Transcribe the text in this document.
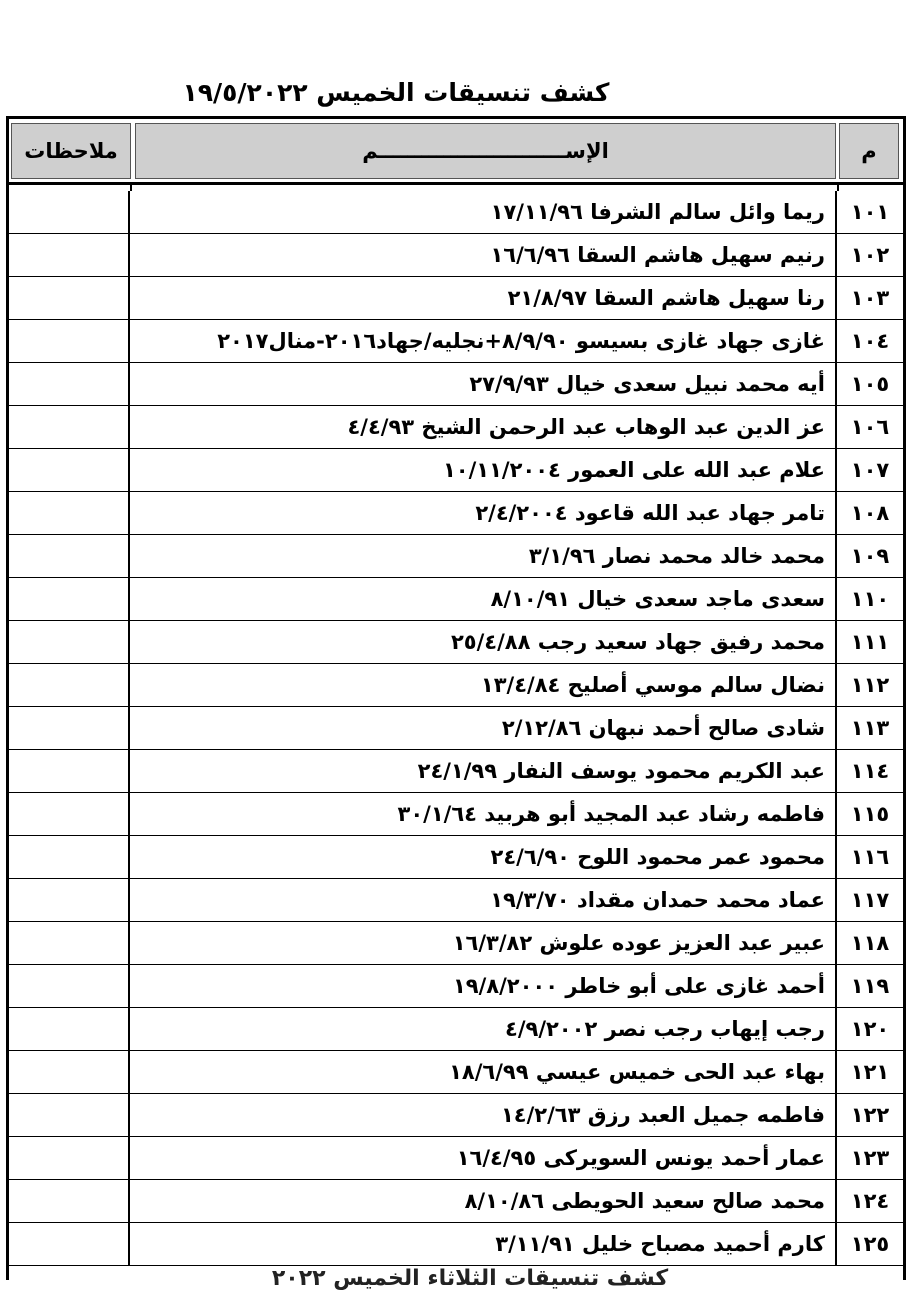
كشف تنسيقات الخميس ١٩/٥/٢٠٢٢
ملاحظات	الإســــــــــــــــــــــــــم	م
ريما وائل سالم الشرفا ١٧/١١/٩٦	١٠١
رنيم سهيل هاشم السقا ١٦/٦/٩٦	١٠٢
رنا سهيل هاشم السقا ٢١/٨/٩٧	١٠٣
غازى جهاد غازى بسيسو ٨/٩/٩٠+نجليه/جهاد٢٠١٦-منال٢٠١٧	١٠٤
أيه محمد نبيل سعدى خيال ٢٧/٩/٩٣	١٠٥
عز الدين عبد الوهاب عبد الرحمن الشيخ ٤/٤/٩٣	١٠٦
علام عبد الله على العمور ١٠/١١/٢٠٠٤	١٠٧
تامر جهاد عبد الله قاعود ٢/٤/٢٠٠٤	١٠٨
محمد خالد محمد نصار ٣/١/٩٦	١٠٩
سعدى ماجد سعدى خيال ٨/١٠/٩١	١١٠
محمد رفيق جهاد سعيد رجب ٢٥/٤/٨٨	١١١
نضال سالم موسي أصليح ١٣/٤/٨٤	١١٢
شادى صالح أحمد نبهان ٢/١٢/٨٦	١١٣
عبد الكريم محمود يوسف النفار ٢٤/١/٩٩	١١٤
فاطمه رشاد عبد المجيد أبو هربيد ٣٠/١/٦٤	١١٥
محمود عمر محمود اللوح ٢٤/٦/٩٠	١١٦
عماد محمد حمدان مقداد ١٩/٣/٧٠	١١٧
عبير عبد العزيز عوده علوش ١٦/٣/٨٢	١١٨
أحمد غازى على أبو خاطر ١٩/٨/٢٠٠٠	١١٩
رجب إيهاب رجب نصر ٤/٩/٢٠٠٢	١٢٠
بهاء عبد الحى خميس عيسي ١٨/٦/٩٩	١٢١
فاطمه جميل العبد رزق ١٤/٢/٦٣	١٢٢
عمار أحمد يونس السويركى ١٦/٤/٩٥	١٢٣
محمد صالح سعيد الحويطى ٨/١٠/٨٦	١٢٤
كارم أحميد مصباح خليل ٣/١١/٩١	١٢٥
كشف تنسيقات الثلاثاء الخميس ٢٠٢٢
